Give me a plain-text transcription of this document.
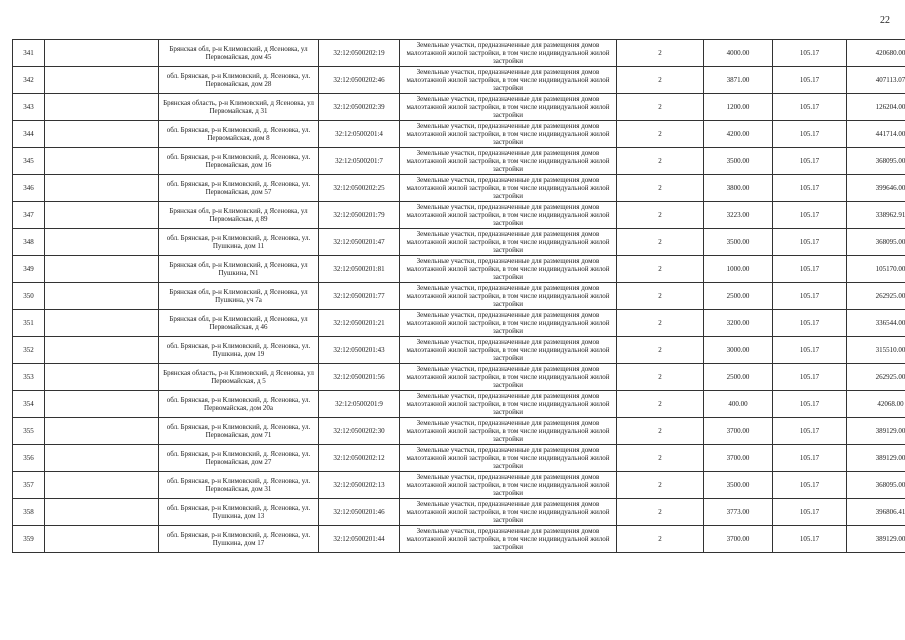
22
341		Брянская обл, р-н Климовский, д Ясеновка, ул Первомайская, дом 45	32:12:0500202:19	Земельные участки, предназначенные для размещения домов малоэтажной жилой застройки, в том числе индивидуальной жилой застройки	2	4000.00	105.17	420680.00
342		обл. Брянская, р-н Климовский, д. Ясеновка, ул. Первомайская, дом 28	32:12:0500202:46	Земельные участки, предназначенные для размещения домов малоэтажной жилой застройки, в том числе индивидуальной жилой застройки	2	3871.00	105.17	407113.07
343		Брянская область, р-н Климовский, д Ясеновка, ул Первомайская, д 31	32:12:0500202:39	Земельные участки, предназначенные для размещения домов малоэтажной жилой застройки, в том числе индивидуальной жилой застройки	2	1200.00	105.17	126204.00
344		обл. Брянская, р-н Климовский, д. Ясеновка, ул. Первомайская, дом 8	32:12:0500201:4	Земельные участки, предназначенные для размещения домов малоэтажной жилой застройки, в том числе индивидуальной жилой застройки	2	4200.00	105.17	441714.00
345		обл. Брянская, р-н Климовский, д. Ясеновка, ул. Первомайская, дом 16	32:12:0500201:7	Земельные участки, предназначенные для размещения домов малоэтажной жилой застройки, в том числе индивидуальной жилой застройки	2	3500.00	105.17	368095.00
346		обл. Брянская, р-н Климовский, д. Ясеновка, ул. Первомайская, дом 57	32:12:0500202:25	Земельные участки, предназначенные для размещения домов малоэтажной жилой застройки, в том числе индивидуальной жилой застройки	2	3800.00	105.17	399646.00
347		Брянская обл, р-н Климовский, д Ясеновка, ул Первомайская, д 89	32:12:0500201:79	Земельные участки, предназначенные для размещения домов малоэтажной жилой застройки, в том числе индивидуальной жилой застройки	2	3223.00	105.17	338962.91
348		обл. Брянская, р-н Климовский, д. Ясеновка, ул. Пушкина, дом 11	32:12:0500201:47	Земельные участки, предназначенные для размещения домов малоэтажной жилой застройки, в том числе индивидуальной жилой застройки	2	3500.00	105.17	368095.00
349		Брянская обл, р-н Климовский, д Ясеновка, ул Пушкина, N1	32:12:0500201:81	Земельные участки, предназначенные для размещения домов малоэтажной жилой застройки, в том числе индивидуальной жилой застройки	2	1000.00	105.17	105170.00
350		Брянская обл, р-н Климовский, д Ясеновка, ул Пушкина, уч 7а	32:12:0500201:77	Земельные участки, предназначенные для размещения домов малоэтажной жилой застройки, в том числе индивидуальной жилой застройки	2	2500.00	105.17	262925.00
351		Брянская обл, р-н Климовский, д Ясеновка, ул Первомайская, д 46	32:12:0500201:21	Земельные участки, предназначенные для размещения домов малоэтажной жилой застройки, в том числе индивидуальной жилой застройки	2	3200.00	105.17	336544.00
352		обл. Брянская, р-н Климовский, д. Ясеновка, ул. Пушкина, дом 19	32:12:0500201:43	Земельные участки, предназначенные для размещения домов малоэтажной жилой застройки, в том числе индивидуальной жилой застройки	2	3000.00	105.17	315510.00
353		Брянская область, р-н Климовский, д Ясеновка, ул Первомайская, д 5	32:12:0500201:56	Земельные участки, предназначенные для размещения домов малоэтажной жилой застройки, в том числе индивидуальной жилой застройки	2	2500.00	105.17	262925.00
354		обл. Брянская, р-н Климовский, д. Ясеновка, ул. Первомайская, дом 20а	32:12:0500201:9	Земельные участки, предназначенные для размещения домов малоэтажной жилой застройки, в том числе индивидуальной жилой застройки	2	400.00	105.17	42068.00
355		обл. Брянская, р-н Климовский, д. Ясеновка, ул. Первомайская, дом 71	32:12:0500202:30	Земельные участки, предназначенные для размещения домов малоэтажной жилой застройки, в том числе индивидуальной жилой застройки	2	3700.00	105.17	389129.00
356		обл. Брянская, р-н Климовский, д. Ясеновка, ул. Первомайская, дом 27	32:12:0500202:12	Земельные участки, предназначенные для размещения домов малоэтажной жилой застройки, в том числе индивидуальной жилой застройки	2	3700.00	105.17	389129.00
357		обл. Брянская, р-н Климовский, д. Ясеновка, ул. Первомайская, дом 31	32:12:0500202:13	Земельные участки, предназначенные для размещения домов малоэтажной жилой застройки, в том числе индивидуальной жилой застройки	2	3500.00	105.17	368095.00
358		обл. Брянская, р-н Климовский, д. Ясеновка, ул. Пушкина, дом 13	32:12:0500201:46	Земельные участки, предназначенные для размещения домов малоэтажной жилой застройки, в том числе индивидуальной жилой застройки	2	3773.00	105.17	396806.41
359		обл. Брянская, р-н Климовский, д. Ясеновка, ул. Пушкина, дом 17	32:12:0500201:44	Земельные участки, предназначенные для размещения домов малоэтажной жилой застройки, в том числе индивидуальной жилой застройки	2	3700.00	105.17	389129.00
